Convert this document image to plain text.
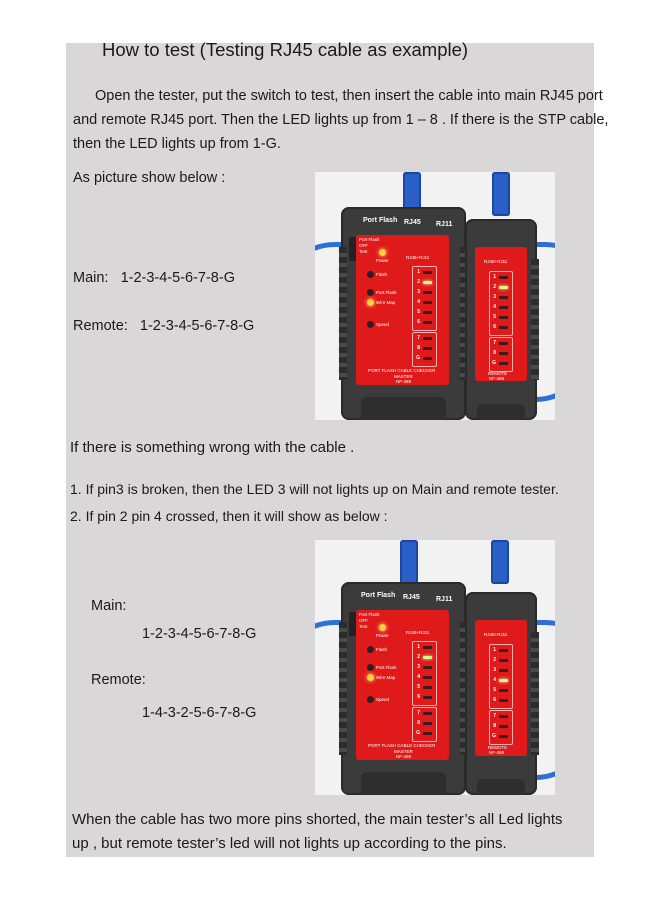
How to test (Testing RJ45 cable as example)
Open the tester, put the switch to test, then insert the cable into main RJ45 port
and remote RJ45 port. Then the LED lights up from 1 – 8 . If there is the STP cable,
then the LED lights up from 1-G.
As picture show below :
Main: 1-2-3-4-5-6-7-8-G
Remote: 1-2-3-4-5-6-7-8-G
Port Flash RJ45 RJ11
Port Flash
OFF
Test
Power
RJ45+RJ11
Flash
Port Flash
Wire Map
Speed
1
2
3
4
5
6
7
8
G
PORT FLASH CABLE CHECKER
MASTER
NF-469
RJ45+RJ11
1
2
3
4
5
6
7
8
G
REMOTE
NF-469
If there is something wrong with the cable .
1. If pin3 is broken, then the LED 3 will not lights up on Main and remote tester.
2. If pin 2 pin 4 crossed, then it will show as below :
Main:
1-2-3-4-5-6-7-8-G
Remote:
1-4-3-2-5-6-7-8-G
Port Flash RJ45 RJ11
Port Flash
OFF
Test
Power
RJ45+RJ11
Flash
Port Flash
Wire Map
Speed
1
2
3
4
5
6
7
8
G
PORT FLASH CABLE CHECKER
MASTER
NF-469
RJ45+RJ11
1
2
3
4
5
6
7
8
G
REMOTE
NF-469
When the cable has two more pins shorted, the main tester’s all Led lights
up , but remote tester’s led will not lights up according to the pins.
